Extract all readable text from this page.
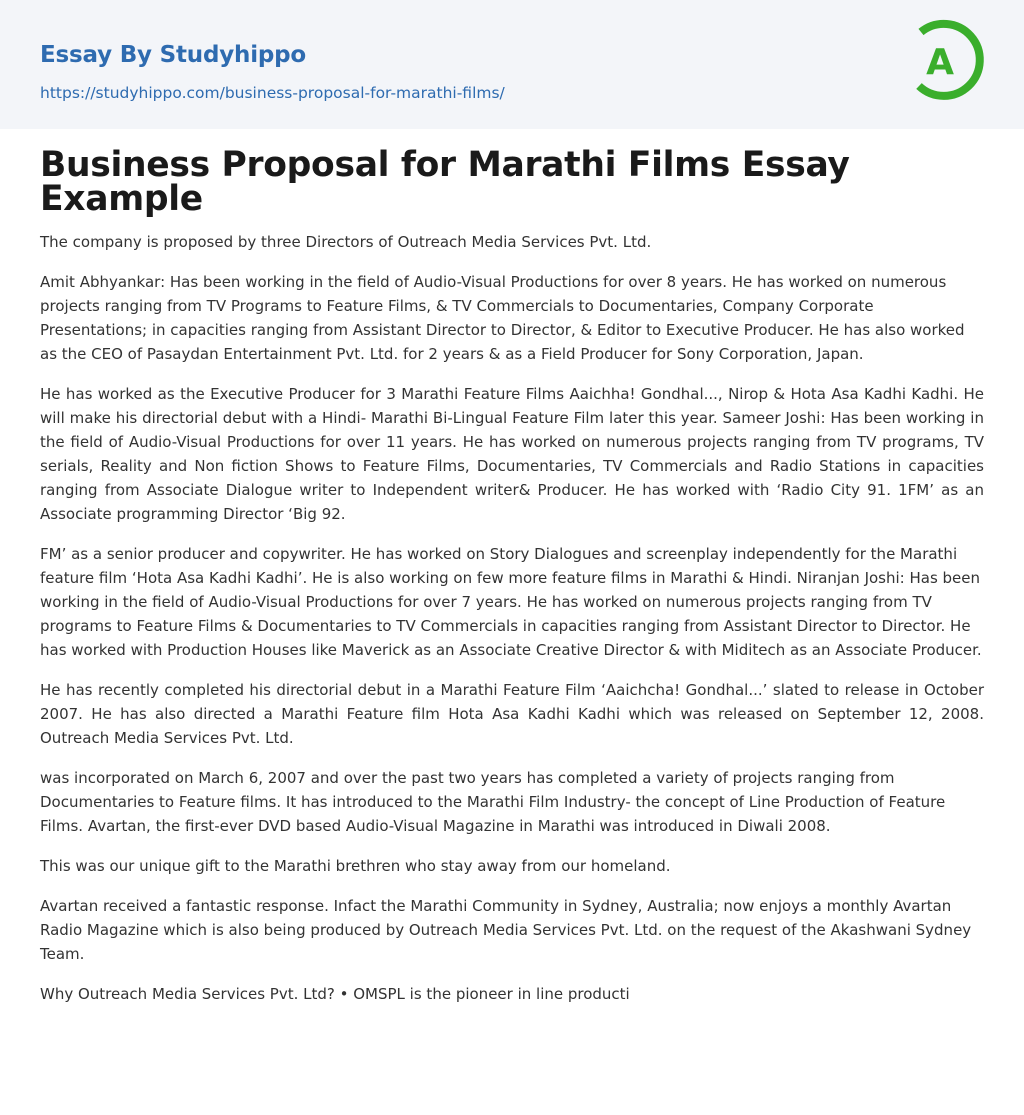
Essay By Studyhippo
https://studyhippo.com/business-proposal-for-marathi-films/
A
Business Proposal for Marathi Films Essay Example

The company is proposed by three Directors of Outreach Media Services Pvt. Ltd.

Amit Abhyankar: Has been working in the field of Audio-Visual Productions for over 8 years. He has worked on numerous projects ranging from TV Programs to Feature Films, & TV Commercials to Documentaries, Company Corporate Presentations; in capacities ranging from Assistant Director to Director, & Editor to Executive Producer. He has also worked as the CEO of Pasaydan Entertainment Pvt. Ltd. for 2 years & as a Field Producer for Sony Corporation, Japan.

He has worked as the Executive Producer for 3 Marathi Feature Films Aaichha! Gondhal..., Nirop & Hota Asa Kadhi Kadhi. He will make his directorial debut with a Hindi- Marathi Bi-Lingual Feature Film later this year. Sameer Joshi: Has been working in the field of Audio-Visual Productions for over 11 years. He has worked on numerous projects ranging from TV programs, TV serials, Reality and Non fiction Shows to Feature Films, Documentaries, TV Commercials and Radio Stations in capacities ranging from Associate Dialogue writer to Independent writer& Producer. He has worked with ‘Radio City 91. 1FM’ as an Associate programming Director ‘Big 92.

FM’ as a senior producer and copywriter. He has worked on Story Dialogues and screenplay independently for the Marathi feature film ‘Hota Asa Kadhi Kadhi’. He is also working on few more feature films in Marathi & Hindi. Niranjan Joshi: Has been working in the field of Audio-Visual Productions for over 7 years. He has worked on numerous projects ranging from TV programs to Feature Films & Documentaries to TV Commercials in capacities ranging from Assistant Director to Director. He has worked with Production Houses like Maverick as an Associate Creative Director & with Miditech as an Associate Producer.

He has recently completed his directorial debut in a Marathi Feature Film ‘Aaichcha! Gondhal...’ slated to release in October 2007. He has also directed a Marathi Feature film Hota Asa Kadhi Kadhi which was released on September 12, 2008. Outreach Media Services Pvt. Ltd.

was incorporated on March 6, 2007 and over the past two years has completed a variety of projects ranging from Documentaries to Feature films. It has introduced to the Marathi Film Industry- the concept of Line Production of Feature Films. Avartan, the first-ever DVD based Audio-Visual Magazine in Marathi was introduced in Diwali 2008.

This was our unique gift to the Marathi brethren who stay away from our homeland.

Avartan received a fantastic response. Infact the Marathi Community in Sydney, Australia; now enjoys a monthly Avartan Radio Magazine which is also being produced by Outreach Media Services Pvt. Ltd. on the request of the Akashwani Sydney Team.

Why Outreach Media Services Pvt. Ltd? • OMSPL is the pioneer in line producti
